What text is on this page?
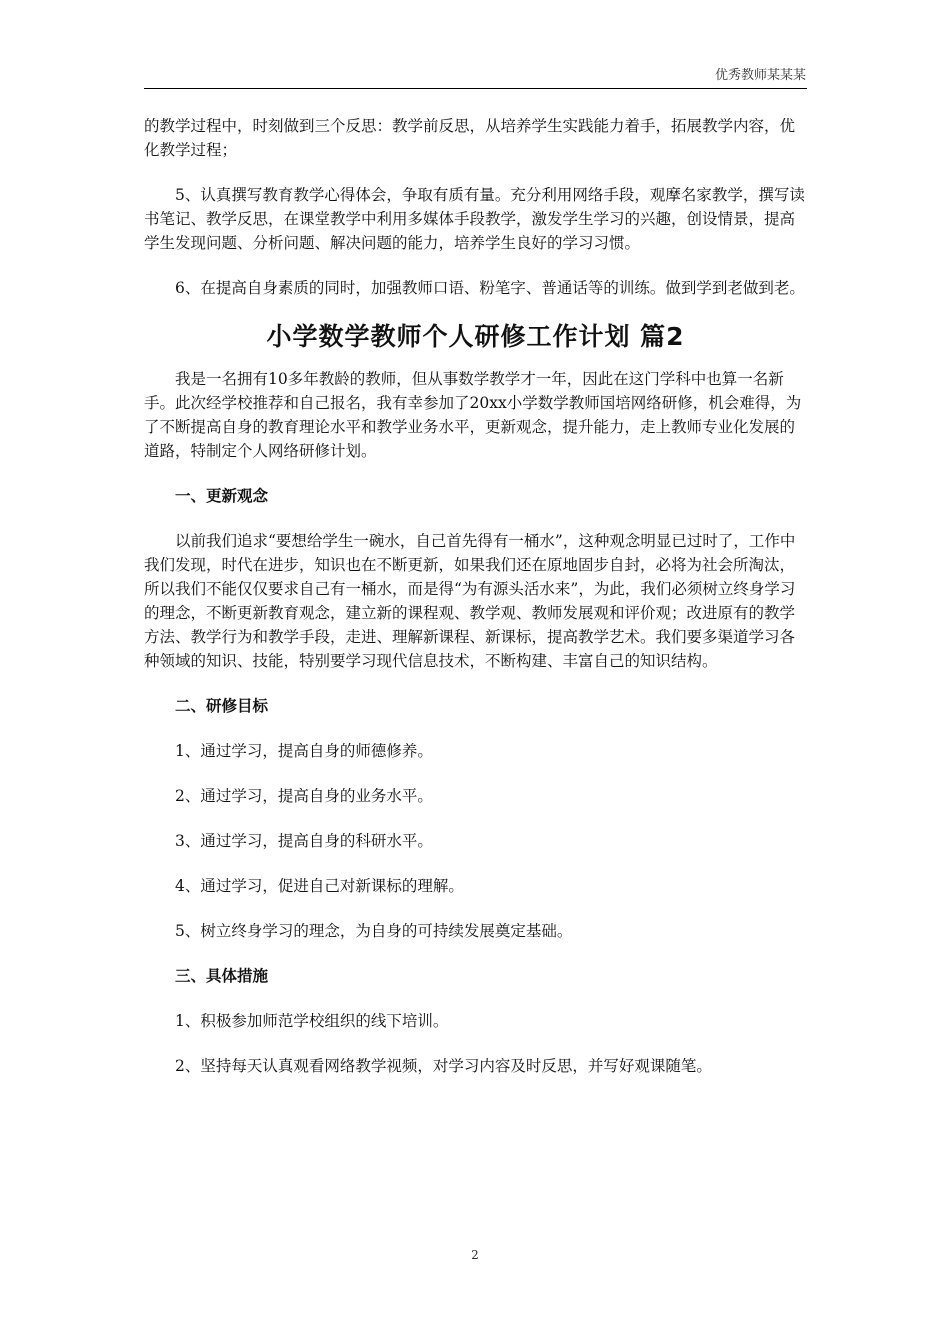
优秀教师某某某

的教学过程中，时刻做到三个反思：教学前反思，从培养学生实践能力着手，拓展教学内容，优化教学过程；

5、认真撰写教育教学心得体会，争取有质有量。充分利用网络手段，观摩名家教学，撰写读书笔记、教学反思，在课堂教学中利用多媒体手段教学，激发学生学习的兴趣，创设情景，提高学生发现问题、分析问题、解决问题的能力，培养学生良好的学习习惯。

6、在提高自身素质的同时，加强教师口语、粉笔字、普通话等的训练。做到学到老做到老。

小学数学教师个人研修工作计划 篇2

我是一名拥有10多年教龄的教师，但从事数学教学才一年，因此在这门学科中也算一名新手。此次经学校推荐和自己报名，我有幸参加了20xx小学数学教师国培网络研修，机会难得，为了不断提高自身的教育理论水平和教学业务水平，更新观念，提升能力，走上教师专业化发展的道路，特制定个人网络研修计划。

一、更新观念

以前我们追求“要想给学生一碗水，自己首先得有一桶水”，这种观念明显已过时了，工作中我们发现，时代在进步，知识也在不断更新，如果我们还在原地固步自封，必将为社会所淘汰，所以我们不能仅仅要求自己有一桶水，而是得“为有源头活水来”，为此，我们必须树立终身学习的理念，不断更新教育观念，建立新的课程观、教学观、教师发展观和评价观；改进原有的教学方法、教学行为和教学手段，走进、理解新课程、新课标，提高教学艺术。我们要多渠道学习各种领域的知识、技能，特别要学习现代信息技术，不断构建、丰富自己的知识结构。

二、研修目标

1、通过学习，提高自身的师德修养。

2、通过学习，提高自身的业务水平。

3、通过学习，提高自身的科研水平。

4、通过学习，促进自己对新课标的理解。

5、树立终身学习的理念，为自身的可持续发展奠定基础。

三、具体措施

1、积极参加师范学校组织的线下培训。

2、坚持每天认真观看网络教学视频，对学习内容及时反思，并写好观课随笔。

2
